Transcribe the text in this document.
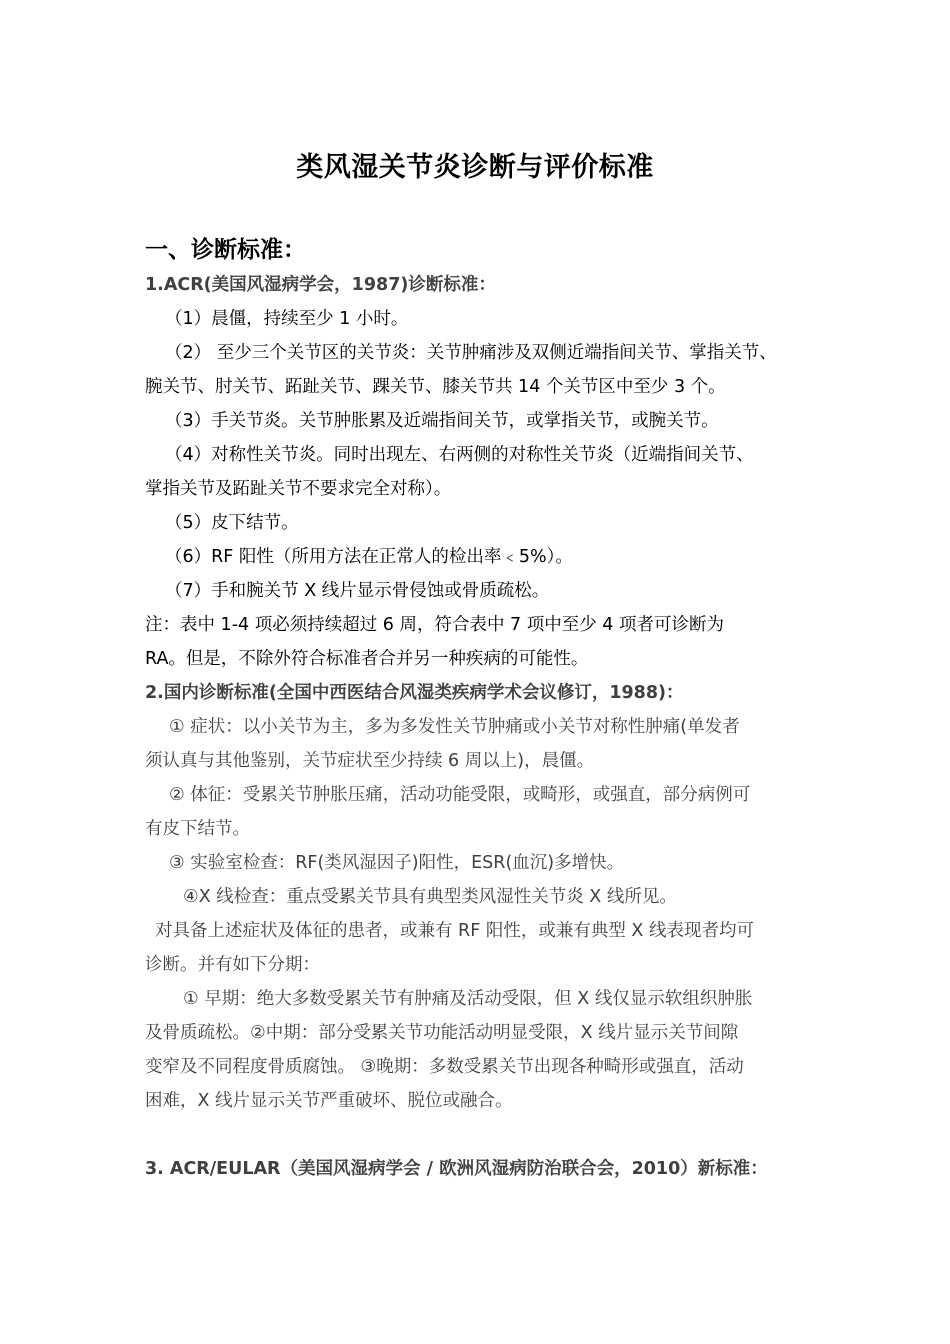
类风湿关节炎诊断与评价标准
一、诊断标准：
1.ACR(美国风湿病学会，1987)诊断标准：
（1）晨僵，持续至少 1 小时。
（2） 至少三个关节区的关节炎：关节肿痛涉及双侧近端指间关节、掌指关节、
腕关节、肘关节、跖趾关节、踝关节、膝关节共 14 个关节区中至少 3 个。
（3）手关节炎。关节肿胀累及近端指间关节，或掌指关节，或腕关节。
（4）对称性关节炎。同时出现左、右两侧的对称性关节炎（近端指间关节、
掌指关节及跖趾关节不要求完全对称）。
（5）皮下结节。
（6）RF 阳性（所用方法在正常人的检出率﹤5%）。
（7）手和腕关节 X 线片显示骨侵蚀或骨质疏松。
注：表中 1-4 项必须持续超过 6 周，符合表中 7 项中至少 4 项者可诊断为
RA。但是，不除外符合标准者合并另一种疾病的可能性。
2.国内诊断标准(全国中西医结合风湿类疾病学术会议修订，1988)：
① 症状：以小关节为主，多为多发性关节肿痛或小关节对称性肿痛(单发者
须认真与其他鉴别，关节症状至少持续 6 周以上)，晨僵。
② 体征：受累关节肿胀压痛，活动功能受限，或畸形，或强直，部分病例可
有皮下结节。
③ 实验室检查：RF(类风湿因子)阳性，ESR(血沉)多增快。
④X 线检查：重点受累关节具有典型类风湿性关节炎 X 线所见。
对具备上述症状及体征的患者，或兼有 RF 阳性，或兼有典型 X 线表现者均可
诊断。并有如下分期：
① 早期：绝大多数受累关节有肿痛及活动受限，但 X 线仅显示软组织肿胀
及骨质疏松。②中期：部分受累关节功能活动明显受限，X 线片显示关节间隙
变窄及不同程度骨质腐蚀。 ③晚期：多数受累关节出现各种畸形或强直，活动
困难，X 线片显示关节严重破坏、脱位或融合。
3. ACR/EULAR（美国风湿病学会 / 欧洲风湿病防治联合会，2010）新标准：
